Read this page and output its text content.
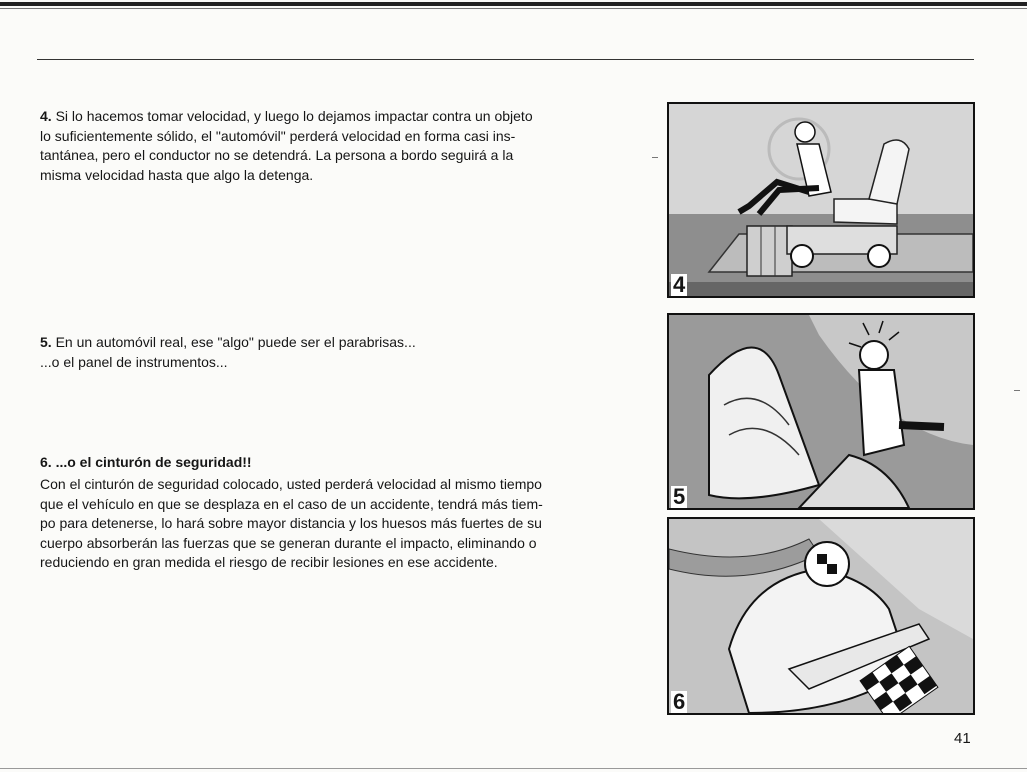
4. Si lo hacemos tomar velocidad, y luego lo dejamos impactar contra un objeto
lo suficientemente sólido, el "automóvil" perderá velocidad en forma casi ins-
tantánea, pero el conductor no se detendrá. La persona a bordo seguirá a la
misma velocidad hasta que algo la detenga.
5. En un automóvil real, ese "algo" puede ser el parabrisas...
...o el panel de instrumentos...
6. ...o el cinturón de seguridad!!
Con el cinturón de seguridad colocado, usted perderá velocidad al mismo tiempo
que el vehículo en que se desplaza en el caso de un accidente, tendrá más tiem-
po para detenerse, lo hará sobre mayor distancia y los huesos más fuertes de su
cuerpo absorberán las fuerzas que se generan durante el impacto, eliminando o
reduciendo en gran medida el riesgo de recibir lesiones en ese accidente.
4
5
6
41
